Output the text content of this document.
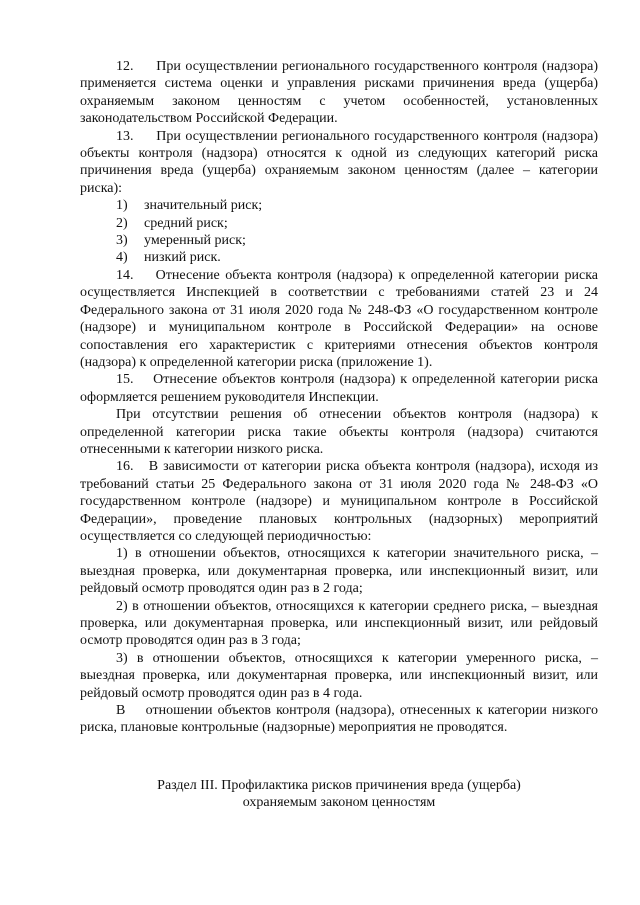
12.     При осуществлении регионального государственного контроля (надзора) применяется система оценки и управления рисками причинения вреда (ущерба) охраняемым законом ценностям с учетом особенностей, установленных законодательством Российской Федерации.

13.     При осуществлении регионального государственного контроля (надзора) объекты контроля (надзора) относятся к одной из следующих категорий риска причинения вреда (ущерба) охраняемым законом ценностям (далее – категории риска):

1)	значительный риск;
2)	средний риск;
3)	умеренный риск;
4)	низкий риск.

14.    Отнесение объекта контроля (надзора) к определенной категории риска осуществляется Инспекцией в соответствии с требованиями статей 23 и 24 Федерального закона от 31 июля 2020 года № 248-ФЗ «О государственном контроле (надзоре) и муниципальном контроле в Российской Федерации» на основе сопоставления его характеристик с критериями отнесения объектов контроля (надзора) к определенной категории риска (приложение 1).

15.    Отнесение объектов контроля (надзора) к определенной категории риска оформляется решением руководителя Инспекции.

При отсутствии решения об отнесении объектов контроля (надзора) к определенной категории риска такие объекты контроля (надзора) считаются отнесенными к категории низкого риска.

16.   В зависимости от категории риска объекта контроля (надзора), исходя из требований статьи 25 Федерального закона от 31 июля 2020 года № 248-ФЗ «О государственном контроле (надзоре) и муниципальном контроле в Российской Федерации», проведение плановых контрольных (надзорных) мероприятий осуществляется со следующей периодичностью:

1) в отношении объектов, относящихся к категории значительного риска, – выездная проверка, или документарная проверка, или инспекционный визит, или рейдовый осмотр проводятся один раз в 2 года;

2) в отношении объектов, относящихся к категории среднего риска, – выездная проверка, или документарная проверка, или инспекционный визит, или рейдовый осмотр проводятся один раз в 3 года;

3) в отношении объектов, относящихся к категории умеренного риска, – выездная проверка, или документарная проверка, или инспекционный визит, или рейдовый осмотр проводятся один раз в 4 года.

В    отношении объектов контроля (надзора), отнесенных к категории низкого риска, плановые контрольные (надзорные) мероприятия не проводятся.

Раздел III. Профилактика рисков причинения вреда (ущерба)
охраняемым законом ценностям
